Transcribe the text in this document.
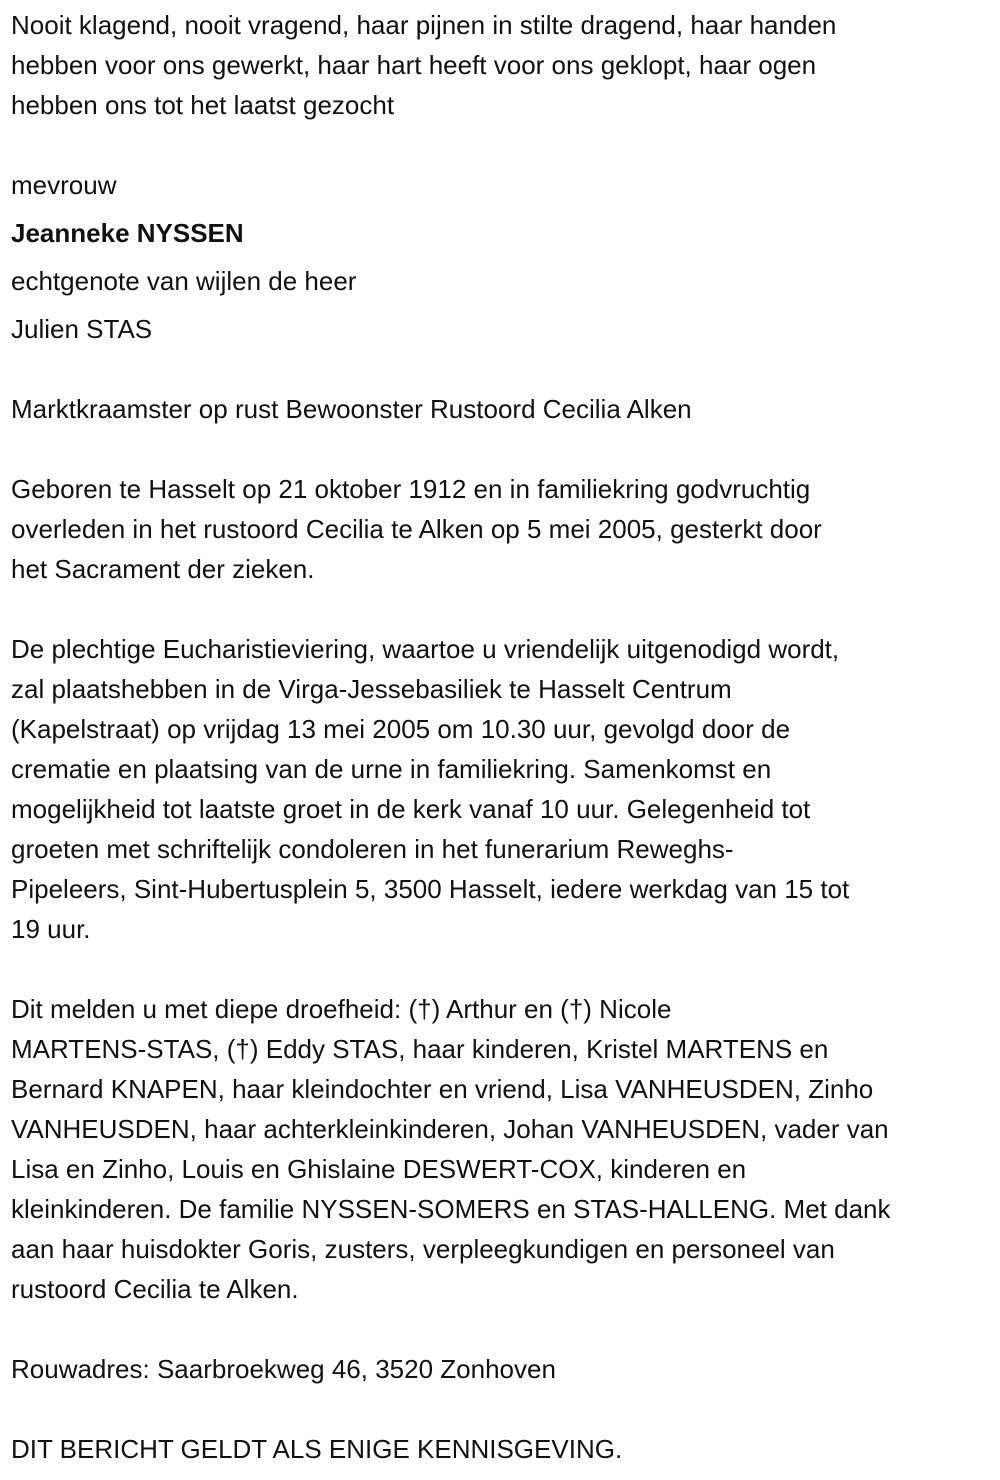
Nooit klagend, nooit vragend, haar pijnen in stilte dragend, haar handen
hebben voor ons gewerkt, haar hart heeft voor ons geklopt, haar ogen
hebben ons tot het laatst gezocht
mevrouw
Jeanneke NYSSEN
echtgenote van wijlen de heer
Julien STAS
Marktkraamster op rust Bewoonster Rustoord Cecilia Alken
Geboren te Hasselt op 21 oktober 1912 en in familiekring godvruchtig
overleden in het rustoord Cecilia te Alken op 5 mei 2005, gesterkt door
het Sacrament der zieken.
De plechtige Eucharistieviering, waartoe u vriendelijk uitgenodigd wordt,
zal plaatshebben in de Virga-Jessebasiliek te Hasselt Centrum
(Kapelstraat) op vrijdag 13 mei 2005 om 10.30 uur, gevolgd door de
crematie en plaatsing van de urne in familiekring. Samenkomst en
mogelijkheid tot laatste groet in de kerk vanaf 10 uur. Gelegenheid tot
groeten met schriftelijk condoleren in het funerarium Reweghs-
Pipeleers, Sint-Hubertusplein 5, 3500 Hasselt, iedere werkdag van 15 tot
19 uur.
Dit melden u met diepe droefheid: (†) Arthur en (†) Nicole
MARTENS-STAS, (†) Eddy STAS, haar kinderen, Kristel MARTENS en
Bernard KNAPEN, haar kleindochter en vriend, Lisa VANHEUSDEN, Zinho
VANHEUSDEN, haar achterkleinkinderen, Johan VANHEUSDEN, vader van
Lisa en Zinho, Louis en Ghislaine DESWERT-COX, kinderen en
kleinkinderen. De familie NYSSEN-SOMERS en STAS-HALLENG. Met dank
aan haar huisdokter Goris, zusters, verpleegkundigen en personeel van
rustoord Cecilia te Alken.
Rouwadres: Saarbroekweg 46, 3520 Zonhoven
DIT BERICHT GELDT ALS ENIGE KENNISGEVING.
